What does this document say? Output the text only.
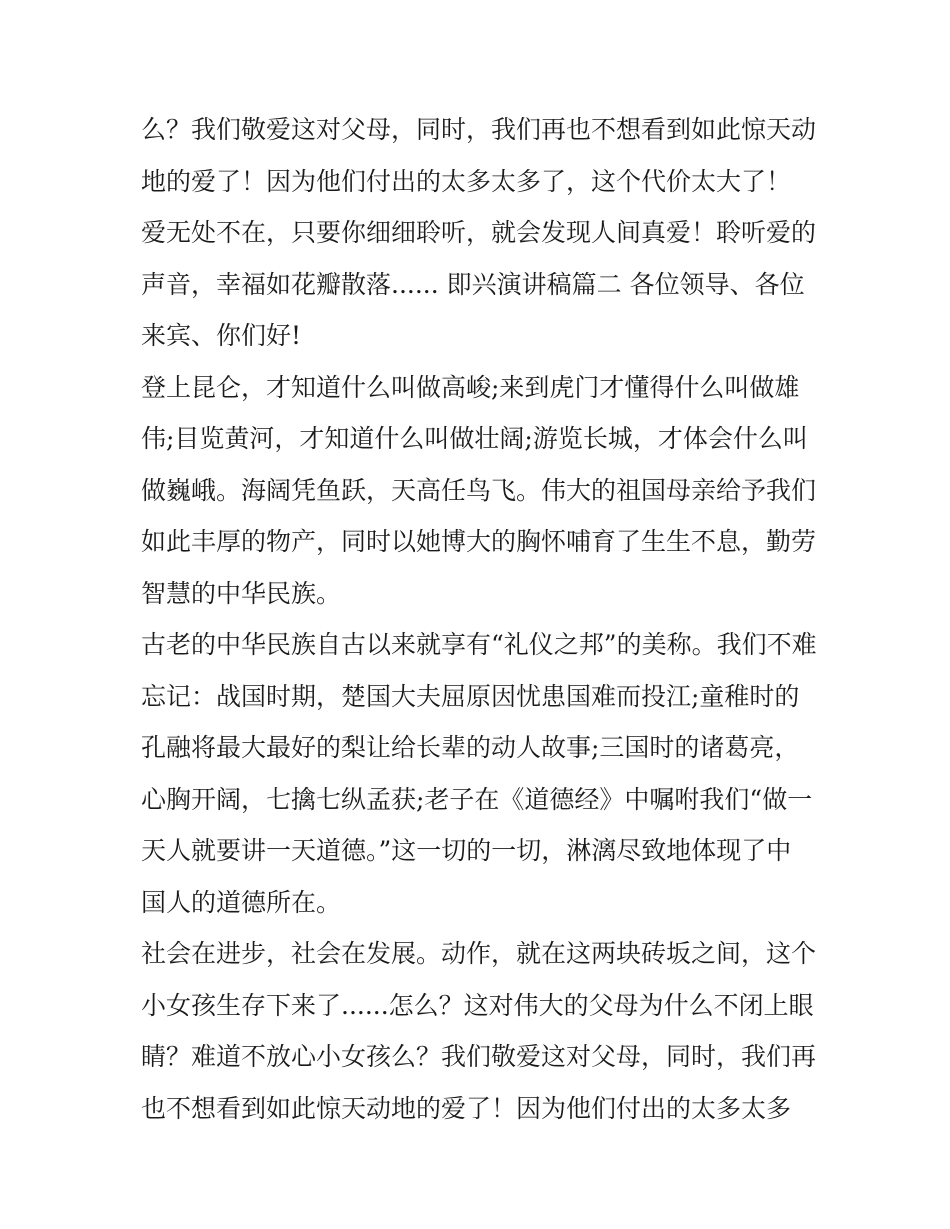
么？我们敬爱这对父母，同时，我们再也不想看到如此惊天动
地的爱了！因为他们付出的太多太多了，这个代价太大了！
爱无处不在，只要你细细聆听，就会发现人间真爱！聆听爱的
声音，幸福如花瓣散落...... 即兴演讲稿篇二 各位领导、各位
来宾、你们好!
登上昆仑，才知道什么叫做高峻;来到虎门才懂得什么叫做雄
伟;目览黄河，才知道什么叫做壮阔;游览长城，才体会什么叫
做巍峨。海阔凭鱼跃，天高任鸟飞。伟大的祖国母亲给予我们
如此丰厚的物产，同时以她博大的胸怀哺育了生生不息，勤劳
智慧的中华民族。
古老的中华民族自古以来就享有“礼仪之邦”的美称。我们不难
忘记：战国时期，楚国大夫屈原因忧患国难而投江;童稚时的
孔融将最大最好的梨让给长辈的动人故事;三国时的诸葛亮，
心胸开阔，七擒七纵孟获;老子在《道德经》中嘱咐我们“做一
天人就要讲一天道德。”这一切的一切，淋漓尽致地体现了中
国人的道德所在。
社会在进步，社会在发展。动作，就在这两块砖坂之间，这个
小女孩生存下来了......怎么？这对伟大的父母为什么不闭上眼
睛？难道不放心小女孩么？我们敬爱这对父母，同时，我们再
也不想看到如此惊天动地的爱了！因为他们付出的太多太多
